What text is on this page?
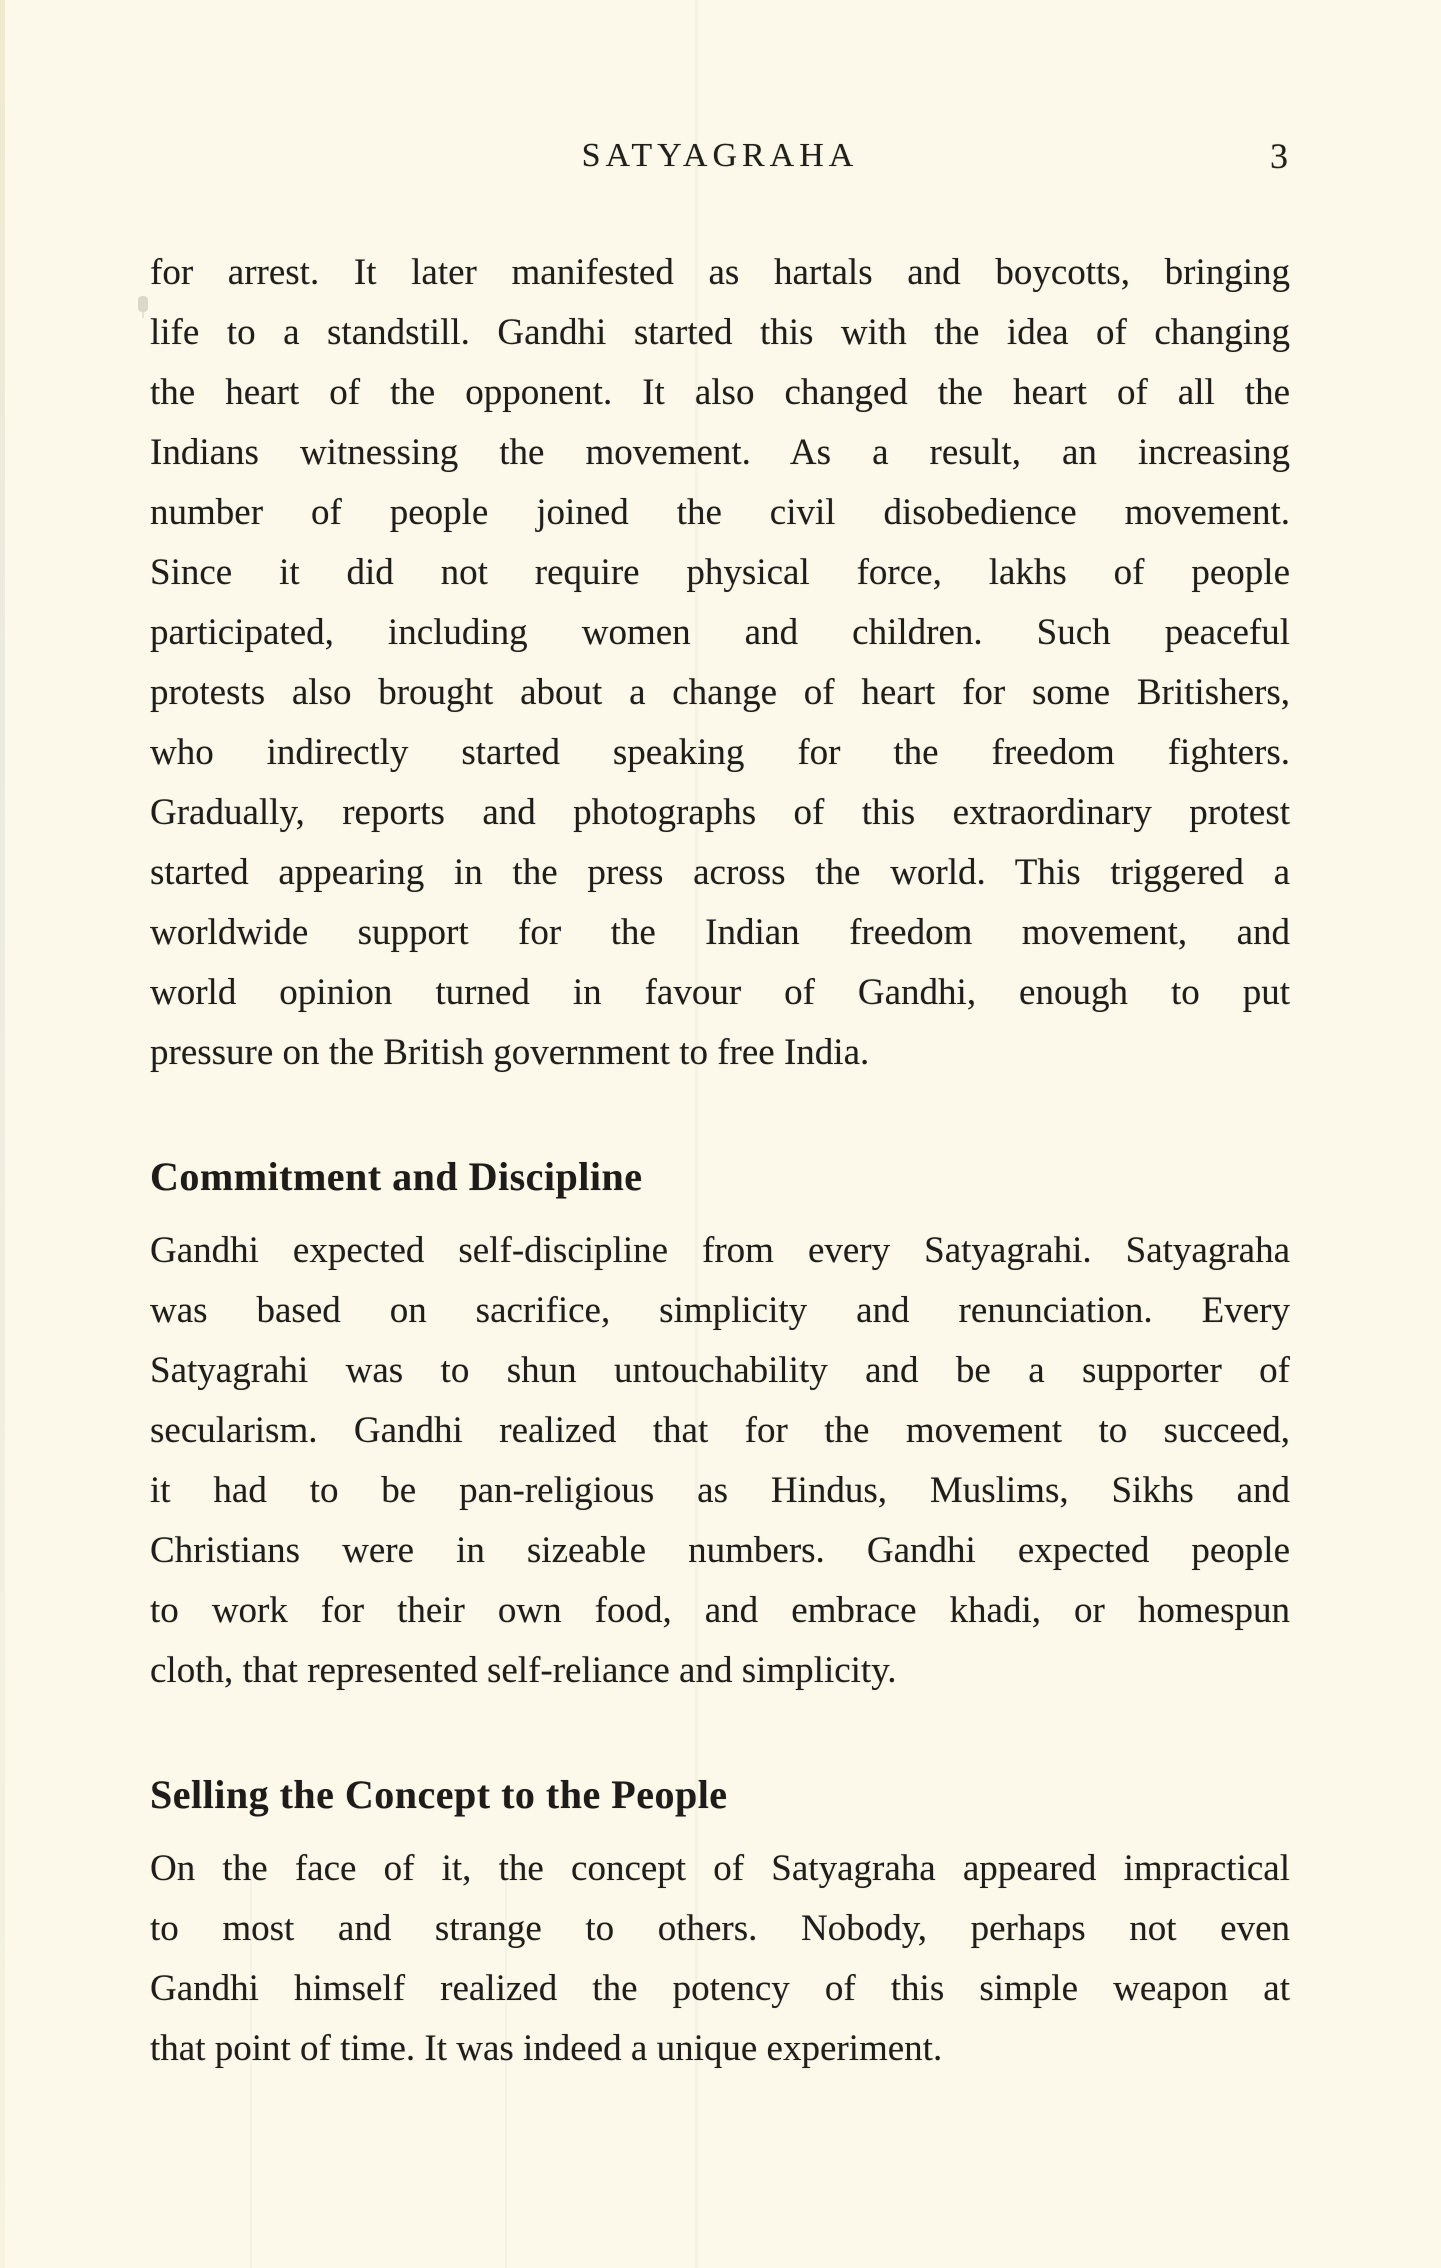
SATYAGRAHA	3
for arrest. It later manifested as hartals and boycotts, bringing
life to a standstill. Gandhi started this with the idea of changing
the heart of the opponent. It also changed the heart of all the
Indians witnessing the movement. As a result, an increasing
number of people joined the civil disobedience movement.
Since it did not require physical force, lakhs of people
participated, including women and children. Such peaceful
protests also brought about a change of heart for some Britishers,
who indirectly started speaking for the freedom fighters.
Gradually, reports and photographs of this extraordinary protest
started appearing in the press across the world. This triggered a
worldwide support for the Indian freedom movement, and
world opinion turned in favour of Gandhi, enough to put
pressure on the British government to free India.
Commitment and Discipline
Gandhi expected self-discipline from every Satyagrahi. Satyagraha
was based on sacrifice, simplicity and renunciation. Every
Satyagrahi was to shun untouchability and be a supporter of
secularism. Gandhi realized that for the movement to succeed,
it had to be pan-religious as Hindus, Muslims, Sikhs and
Christians were in sizeable numbers. Gandhi expected people
to work for their own food, and embrace khadi, or homespun
cloth, that represented self-reliance and simplicity.
Selling the Concept to the People
On the face of it, the concept of Satyagraha appeared impractical
to most and strange to others. Nobody, perhaps not even
Gandhi himself realized the potency of this simple weapon at
that point of time. It was indeed a unique experiment.
